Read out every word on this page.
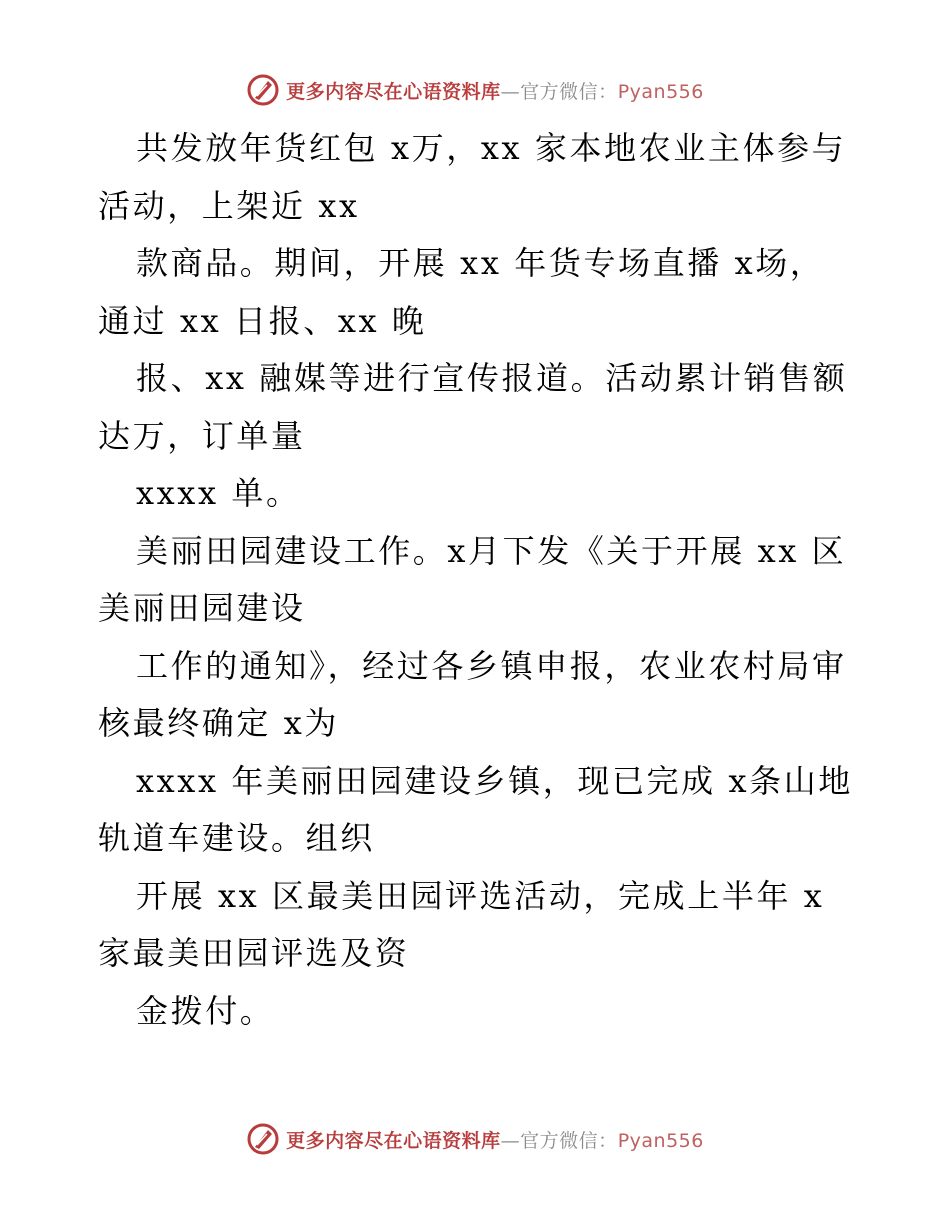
更多内容尽在心语资料库—官方微信：Pyan556
共发放年货红包 x万，xx 家本地农业主体参与
活动，上架近 xx
款商品。期间，开展 xx 年货专场直播 x场，
通过 xx 日报、xx 晚
报、xx 融媒等进行宣传报道。活动累计销售额
达万，订单量
xxxx 单。
美丽田园建设工作。x月下发《关于开展 xx 区
美丽田园建设
工作的通知》，经过各乡镇申报，农业农村局审
核最终确定 x为
xxxx 年美丽田园建设乡镇，现已完成 x条山地
轨道车建设。组织
开展 xx 区最美田园评选活动，完成上半年 x
家最美田园评选及资
金拨付。
更多内容尽在心语资料库—官方微信：Pyan556
